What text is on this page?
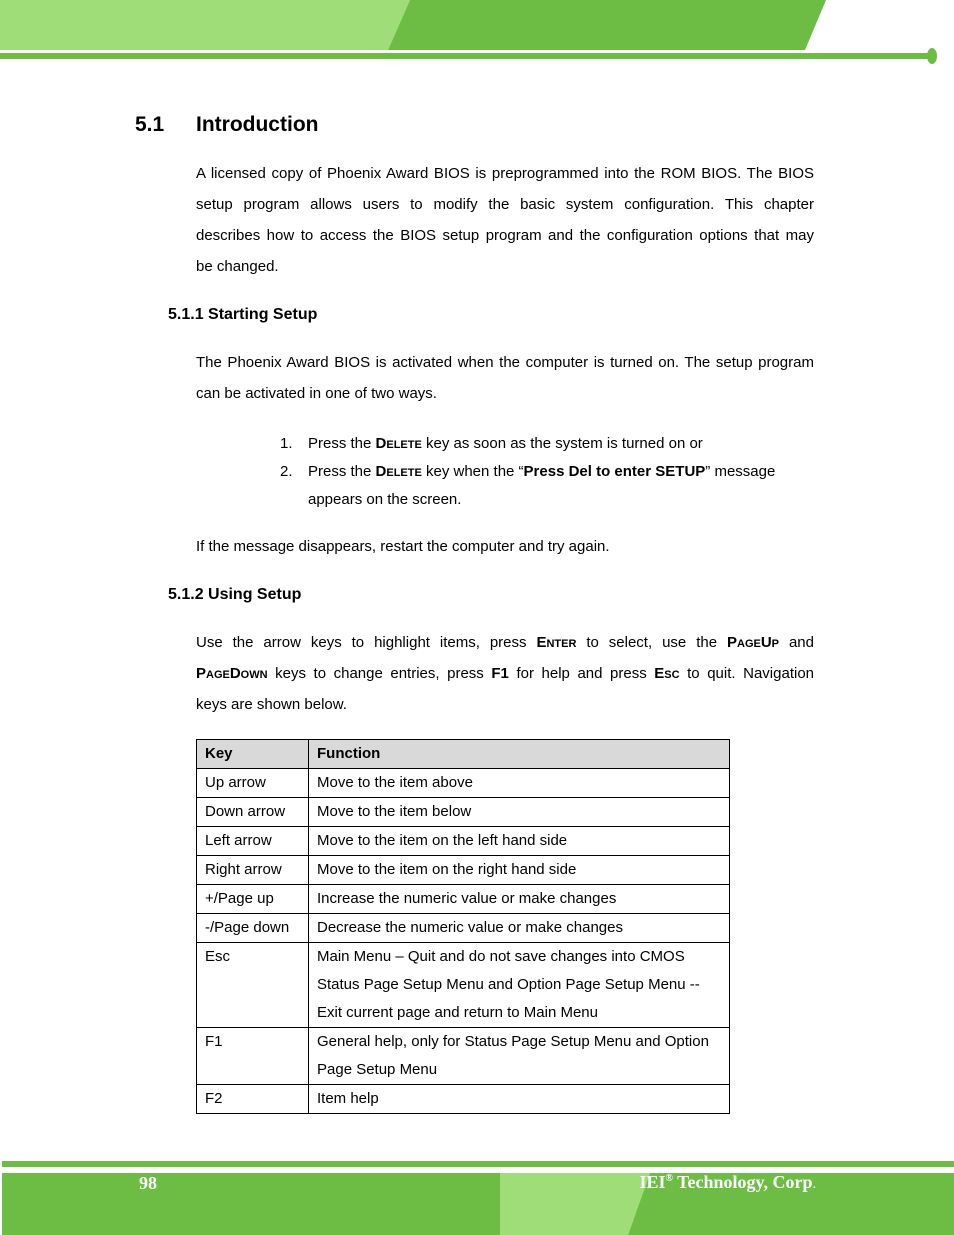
5.1 Introduction

A licensed copy of Phoenix Award BIOS is preprogrammed into the ROM BIOS. The BIOS
setup program allows users to modify the basic system configuration. This chapter
describes how to access the BIOS setup program and the configuration options that may
be changed.

5.1.1 Starting Setup

The Phoenix Award BIOS is activated when the computer is turned on. The setup program
can be activated in one of two ways.

1. Press the Delete key as soon as the system is turned on or
2. Press the Delete key when the “Press Del to enter SETUP” message
appears on the screen.

If the message disappears, restart the computer and try again.

5.1.2 Using Setup

Use the arrow keys to highlight items, press Enter to select, use the PageUp and
PageDown keys to change entries, press F1 for help and press Esc to quit. Navigation
keys are shown below.

Key	Function
Up arrow	Move to the item above

Down arrow	Move to the item below

Left arrow	Move to the item on the left hand side

Right arrow	Move to the item on the right hand side

+/Page up	Increase the numeric value or make changes

-/Page down	Decrease the numeric value or make changes

Esc	Main Menu – Quit and do not save changes into CMOS
Status Page Setup Menu and Option Page Setup Menu --
Exit current page and return to Main Menu

F1	General help, only for Status Page Setup Menu and Option
Page Setup Menu

F2	Item help
98	IEI® Technology, Corp.
